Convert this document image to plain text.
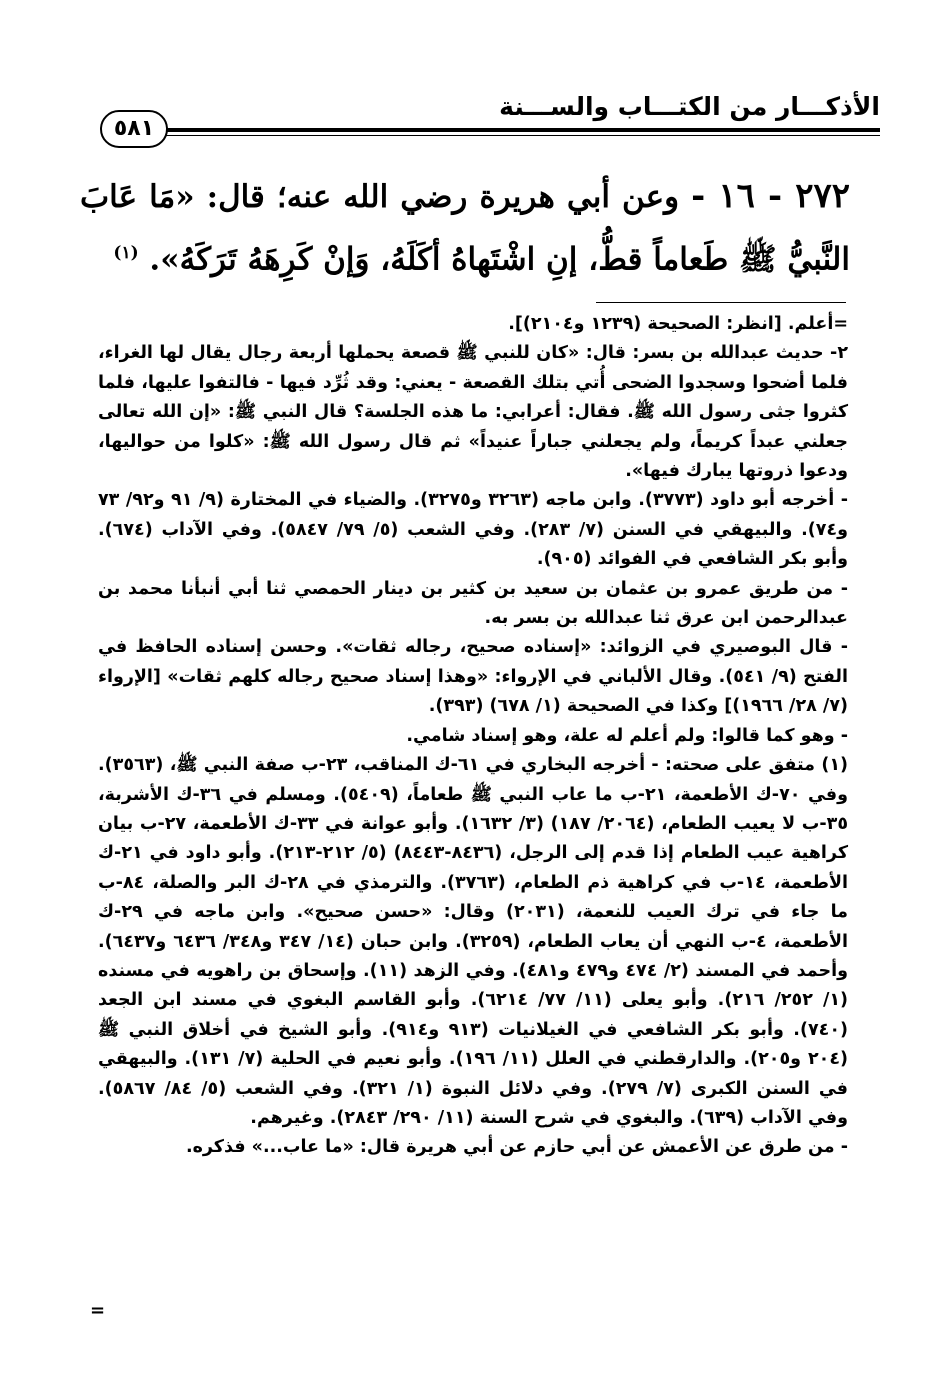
الأذكـــار من الكتـــاب والســـنة
٥٨١
٢٧٢ - ١٦ - وعن أبي هريرة رضي الله عنه؛ قال: «مَا عَابَ النَّبيُّ ﷺ طَعاماً قطُّ، إنِ اشْتَهاهُ أكَلَهُ، وَإنْ كَرِهَهُ تَرَكَهُ». $^{(١)}$

=أعلم. [انظر: الصحيحة (١٢٣٩ و٢١٠٤)].

٢- حديث عبدالله بن بسر: قال: «كان للنبي ﷺ قصعة يحملها أربعة رجال يقال لها الغراء، فلما أضحوا وسجدوا الضحى أُتي بتلك القصعة - يعني: وقد ثُرِّد فيها - فالتفوا عليها، فلما كثروا جثى رسول الله ﷺ. فقال: أعرابي: ما هذه الجلسة؟ قال النبي ﷺ: «إن الله تعالى جعلني عبداً كريماً، ولم يجعلني جباراً عنيداً» ثم قال رسول الله ﷺ: «كلوا من حواليها، ودعوا ذروتها يبارك فيها».

- أخرجه أبو داود (٣٧٧٣). وابن ماجه (٣٢٦٣ و٣٢٧٥). والضياء في المختارة (٩/ ٩١ و٩٢/ ٧٣ و٧٤). والبيهقي في السنن (٧/ ٢٨٣). وفي الشعب (٥/ ٧٩/ ٥٨٤٧). وفي الآداب (٦٧٤). وأبو بكر الشافعي في الفوائد (٩٠٥).

- من طريق عمرو بن عثمان بن سعيد بن كثير بن دينار الحمصي ثنا أبي أنبأنا محمد بن عبدالرحمن ابن عرق ثنا عبدالله بن بسر به.

- قال البوصيري في الزوائد: «إسناده صحيح، رجاله ثقات». وحسن إسناده الحافظ في الفتح (٩/ ٥٤١). وقال الألباني في الإرواء: «وهذا إسناد صحيح رجاله كلهم ثقات» [الإرواء (٧/ ٢٨/ ١٩٦٦)] وكذا في الصحيحة (١/ ٦٧٨) (٣٩٣).

- وهو كما قالوا: ولم أعلم له علة، وهو إسناد شامي.

(١) متفق على صحته: - أخرجه البخاري في ٦١-ك المناقب، ٢٣-ب صفة النبي ﷺ، (٣٥٦٣). وفي ٧٠-ك الأطعمة، ٢١-ب ما عاب النبي ﷺ طعاماً، (٥٤٠٩). ومسلم في ٣٦-ك الأشربة، ٣٥-ب لا يعيب الطعام، (٢٠٦٤/ ١٨٧) (٣/ ١٦٣٢). وأبو عوانة في ٣٣-ك الأطعمة، ٢٧-ب بيان كراهية عيب الطعام إذا قدم إلى الرجل، (٨٤٣٦-٨٤٤٣) (٥/ ٢١٢-٢١٣). وأبو داود في ٢١-ك الأطعمة، ١٤-ب في كراهية ذم الطعام، (٣٧٦٣). والترمذي في ٢٨-ك البر والصلة، ٨٤-ب ما جاء في ترك العيب للنعمة، (٢٠٣١) وقال: «حسن صحيح». وابن ماجه في ٢٩-ك الأطعمة، ٤-ب النهي أن يعاب الطعام، (٣٢٥٩). وابن حبان (١٤/ ٣٤٧ و٣٤٨/ ٦٤٣٦ و٦٤٣٧). وأحمد في المسند (٢/ ٤٧٤ و٤٧٩ و٤٨١). وفي الزهد (١١). وإسحاق بن راهويه في مسنده (١/ ٢٥٢/ ٢١٦). وأبو يعلى (١١/ ٧٧/ ٦٢١٤). وأبو القاسم البغوي في مسند ابن الجعد (٧٤٠). وأبو بكر الشافعي في الغيلانيات (٩١٣ و٩١٤). وأبو الشيخ في أخلاق النبي ﷺ (٢٠٤ و٢٠٥). والدارقطني في العلل (١١/ ١٩٦). وأبو نعيم في الحلية (٧/ ١٣١). والبيهقي في السنن الكبرى (٧/ ٢٧٩). وفي دلائل النبوة (١/ ٣٢١). وفي الشعب (٥/ ٨٤/ ٥٨٦٧). وفي الآداب (٦٣٩). والبغوي في شرح السنة (١١/ ٢٩٠/ ٢٨٤٣). وغيرهم.

- من طرق عن الأعمش عن أبي حازم عن أبي هريرة قال: «ما عاب...» فذكره.

=
